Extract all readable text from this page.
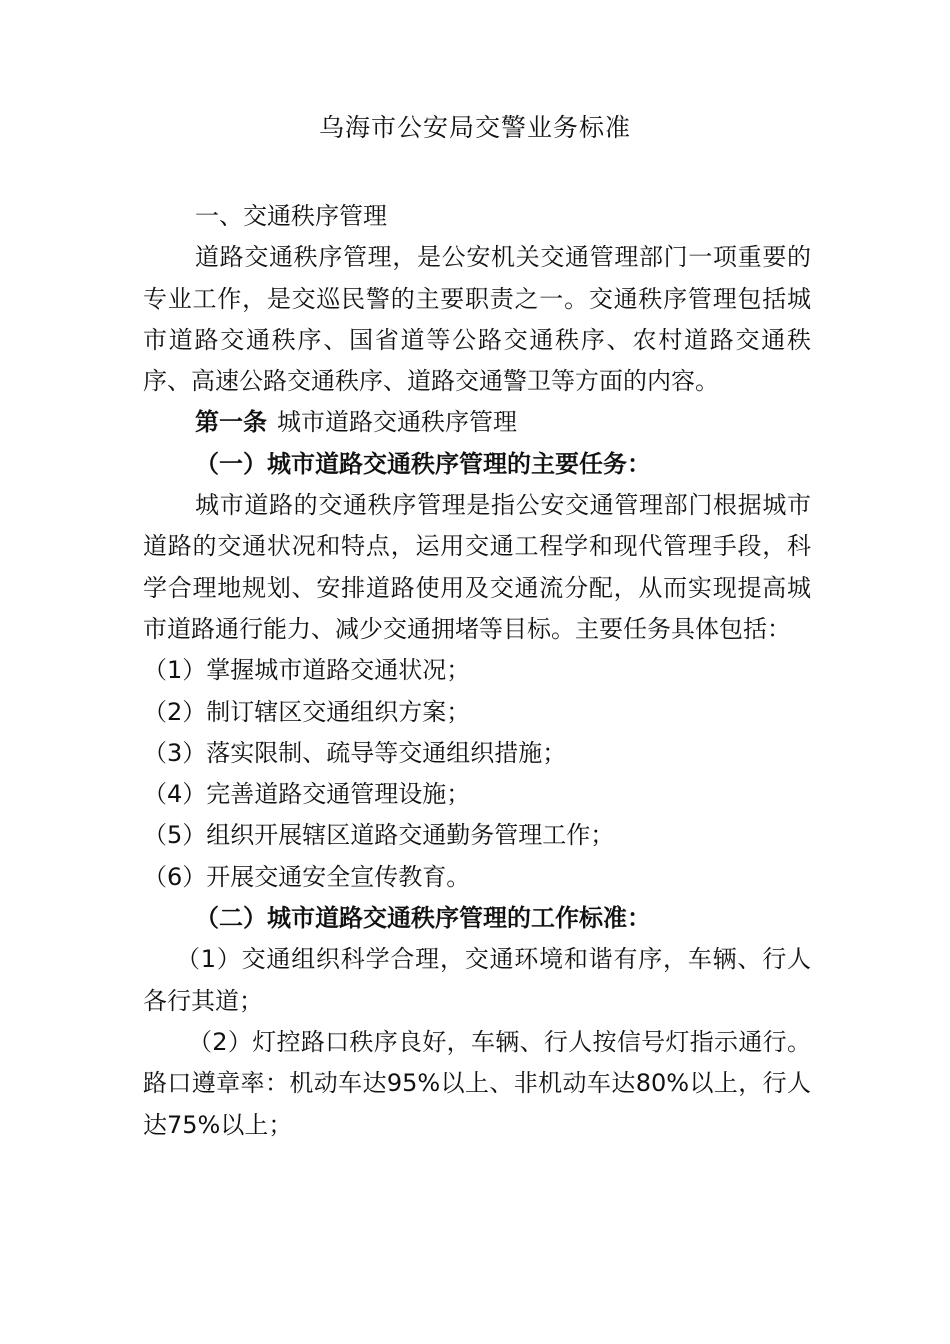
乌海市公安局交警业务标准

一、交通秩序管理

道路交通秩序管理，是公安机关交通管理部门一项重要的专业工作，是交巡民警的主要职责之一。交通秩序管理包括城市道路交通秩序、国省道等公路交通秩序、农村道路交通秩序、高速公路交通秩序、道路交通警卫等方面的内容。

第一条 城市道路交通秩序管理

（一）城市道路交通秩序管理的主要任务：

城市道路的交通秩序管理是指公安交通管理部门根据城市道路的交通状况和特点，运用交通工程学和现代管理手段，科学合理地规划、安排道路使用及交通流分配，从而实现提高城市道路通行能力、减少交通拥堵等目标。主要任务具体包括：

（1）掌握城市道路交通状况；

（2）制订辖区交通组织方案；

（3）落实限制、疏导等交通组织措施；

（4）完善道路交通管理设施；

（5）组织开展辖区道路交通勤务管理工作；

（6）开展交通安全宣传教育。

（二）城市道路交通秩序管理的工作标准：

（1）交通组织科学合理，交通环境和谐有序，车辆、行人各行其道；

（2）灯控路口秩序良好，车辆、行人按信号灯指示通行。路口遵章率：机动车达95%以上、非机动车达80%以上，行人达75%以上；
